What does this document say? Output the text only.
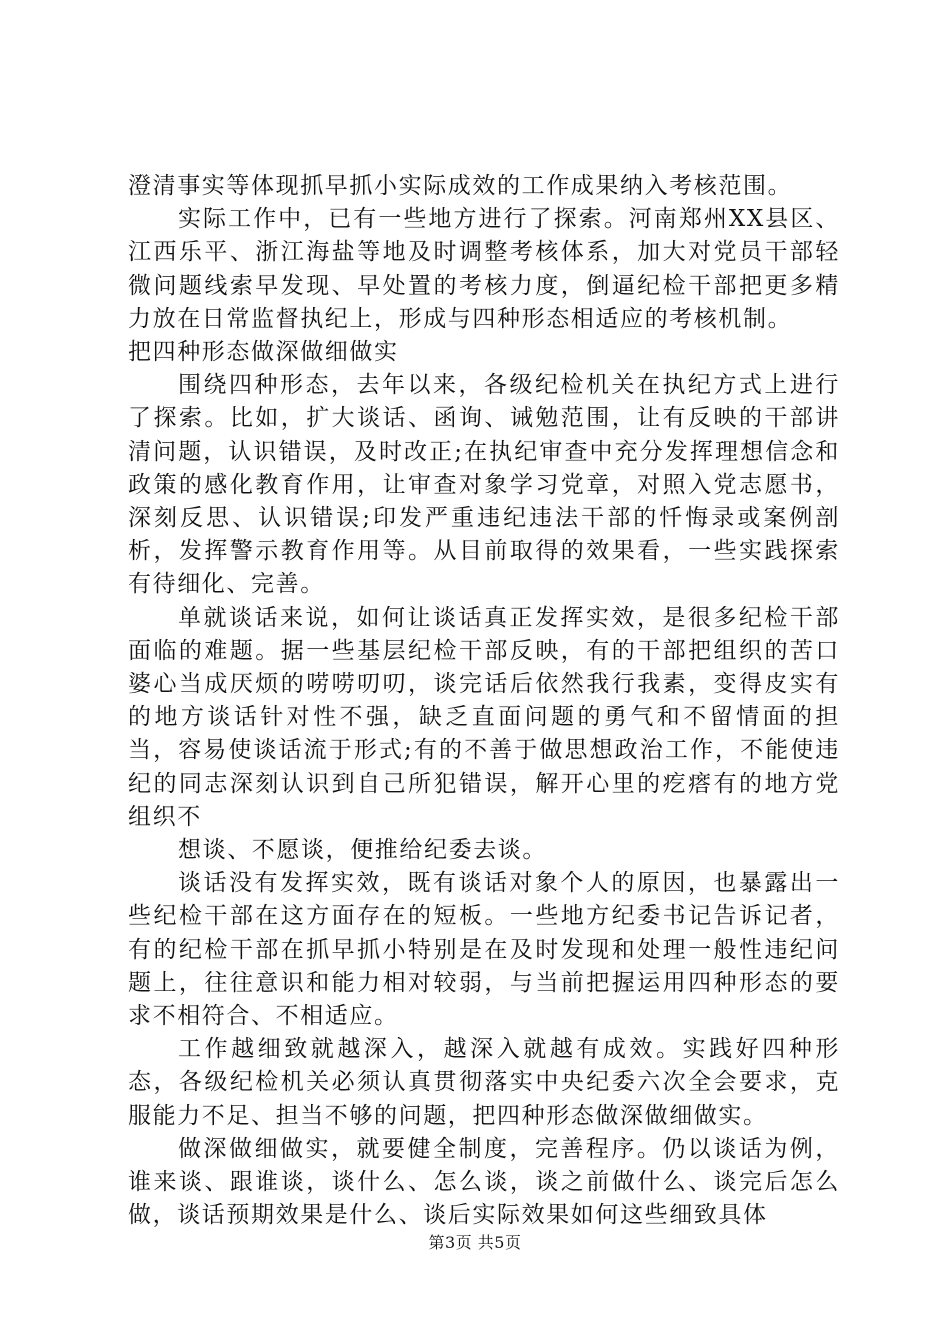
澄清事实等体现抓早抓小实际成效的工作成果纳入考核范围。

实际工作中，已有一些地方进行了探索。河南郑州XX县区、江西乐平、浙江海盐等地及时调整考核体系，加大对党员干部轻微问题线索早发现、早处置的考核力度，倒逼纪检干部把更多精力放在日常监督执纪上，形成与四种形态相适应的考核机制。

把四种形态做深做细做实

围绕四种形态，去年以来，各级纪检机关在执纪方式上进行了探索。比如，扩大谈话、函询、诫勉范围，让有反映的干部讲清问题，认识错误，及时改正;在执纪审查中充分发挥理想信念和政策的感化教育作用，让审查对象学习党章，对照入党志愿书，深刻反思、认识错误;印发严重违纪违法干部的忏悔录或案例剖析，发挥警示教育作用等。从目前取得的效果看，一些实践探索有待细化、完善。

单就谈话来说，如何让谈话真正发挥实效，是很多纪检干部面临的难题。据一些基层纪检干部反映，有的干部把组织的苦口婆心当成厌烦的唠唠叨叨，谈完话后依然我行我素，变得皮实有的地方谈话针对性不强，缺乏直面问题的勇气和不留情面的担当，容易使谈话流于形式;有的不善于做思想政治工作，不能使违纪的同志深刻认识到自己所犯错误，解开心里的疙瘩有的地方党组织不

想谈、不愿谈，便推给纪委去谈。

谈话没有发挥实效，既有谈话对象个人的原因，也暴露出一些纪检干部在这方面存在的短板。一些地方纪委书记告诉记者，有的纪检干部在抓早抓小特别是在及时发现和处理一般性违纪问题上，往往意识和能力相对较弱，与当前把握运用四种形态的要求不相符合、不相适应。

工作越细致就越深入，越深入就越有成效。实践好四种形态，各级纪检机关必须认真贯彻落实中央纪委六次全会要求，克服能力不足、担当不够的问题，把四种形态做深做细做实。

做深做细做实，就要健全制度，完善程序。仍以谈话为例，谁来谈、跟谁谈，谈什么、怎么谈，谈之前做什么、谈完后怎么做，谈话预期效果是什么、谈后实际效果如何这些细致具体

第3页 共5页
